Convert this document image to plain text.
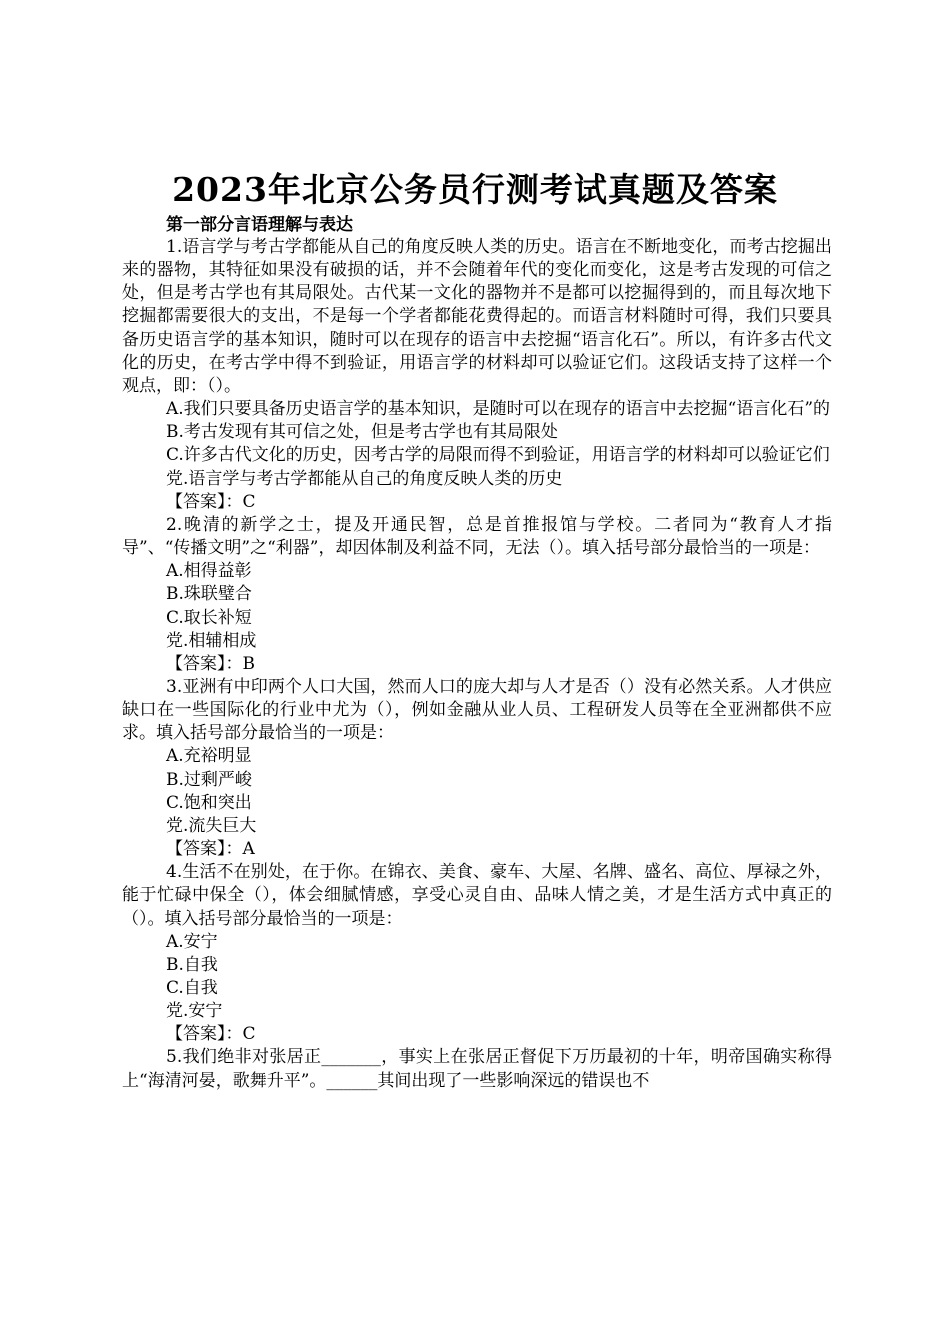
2023年北京公务员行测考试真题及答案
第一部分言语理解与表达

1.语言学与考古学都能从自己的角度反映人类的历史。语言在不断地变化，而考古挖掘出来的器物，其特征如果没有破损的话，并不会随着年代的变化而变化，这是考古发现的可信之处，但是考古学也有其局限处。古代某一文化的器物并不是都可以挖掘得到的，而且每次地下挖掘都需要很大的支出，不是每一个学者都能花费得起的。而语言材料随时可得，我们只要具备历史语言学的基本知识，随时可以在现存的语言中去挖掘“语言化石”。所以，有许多古代文化的历史，在考古学中得不到验证，用语言学的材料却可以验证它们。这段话支持了这样一个观点，即：（）。

A.我们只要具备历史语言学的基本知识，是随时可以在现存的语言中去挖掘“语言化石”的

B.考古发现有其可信之处，但是考古学也有其局限处

C.许多古代文化的历史，因考古学的局限而得不到验证，用语言学的材料却可以验证它们

党.语言学与考古学都能从自己的角度反映人类的历史

【答案】：C

2.晚清的新学之士，提及开通民智，总是首推报馆与学校。二者同为“教育人才指导”、“传播文明”之“利器”，却因体制及利益不同，无法（）。填入括号部分最恰当的一项是：

A.相得益彰

B.珠联璧合

C.取长补短

党.相辅相成

【答案】：B

3.亚洲有中印两个人口大国，然而人口的庞大却与人才是否（）没有必然关系。人才供应缺口在一些国际化的行业中尤为（），例如金融从业人员、工程研发人员等在全亚洲都供不应求。填入括号部分最恰当的一项是：

A.充裕明显

B.过剩严峻

C.饱和突出

党.流失巨大

【答案】：A

4.生活不在别处，在于你。在锦衣、美食、豪车、大屋、名牌、盛名、高位、厚禄之外，能于忙碌中保全（），体会细腻情感，享受心灵自由、品味人情之美，才是生活方式中真正的（）。填入括号部分最恰当的一项是：

A.安宁

B.自我

C.自我

党.安宁

【答案】：C

5.我们绝非对张居正_______，事实上在张居正督促下万历最初的十年，明帝国确实称得上“海清河晏，歌舞升平”。______其间出现了一些影响深远的错误也不
